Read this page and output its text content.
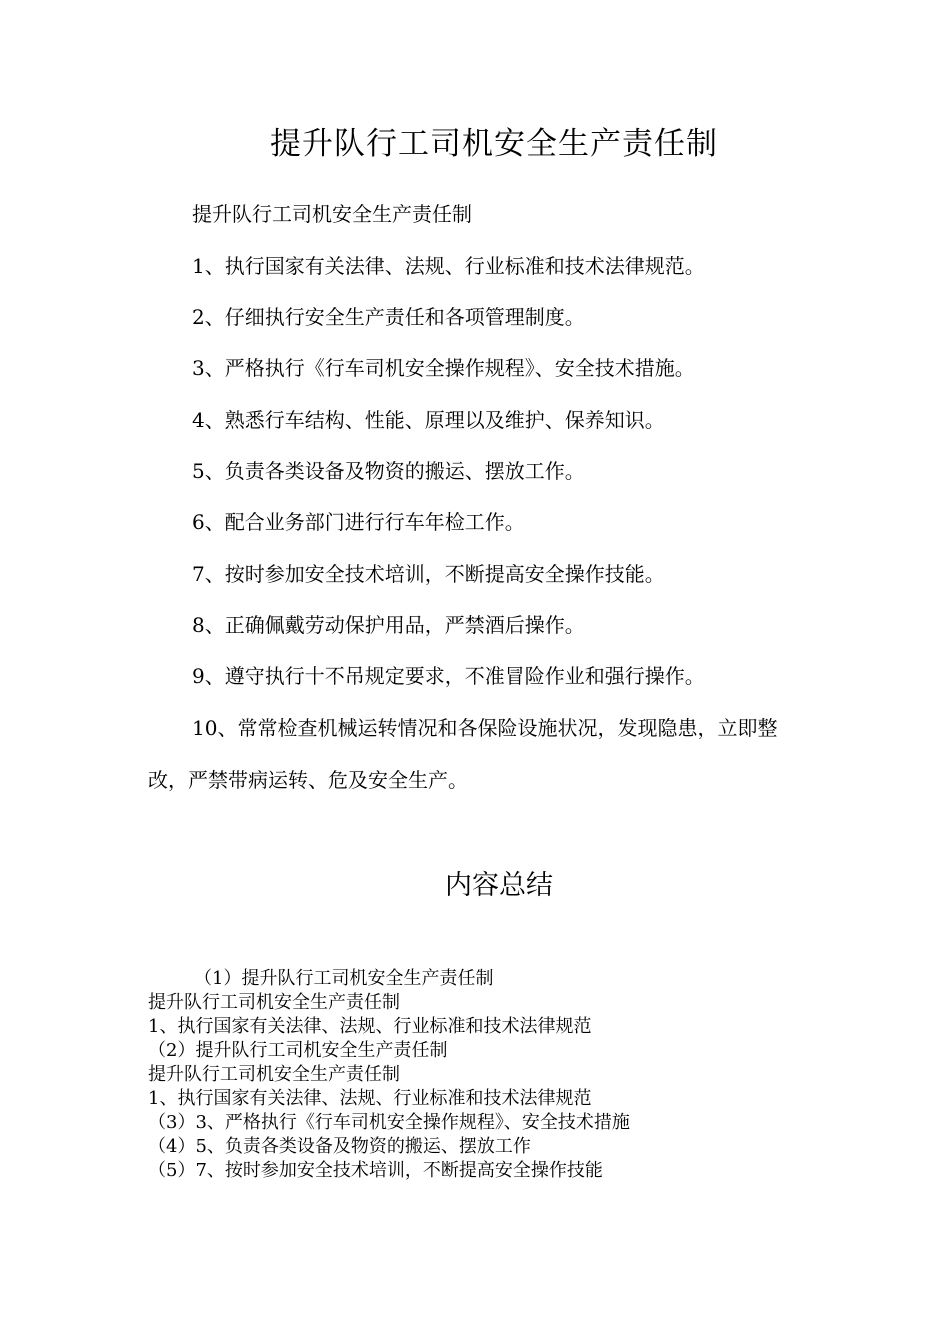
提升队行工司机安全生产责任制
提升队行工司机安全生产责任制
1、执行国家有关法律、法规、行业标准和技术法律规范。
2、仔细执行安全生产责任和各项管理制度。
3、严格执行《行车司机安全操作规程》、安全技术措施。
4、熟悉行车结构、性能、原理以及维护、保养知识。
5、负责各类设备及物资的搬运、摆放工作。
6、配合业务部门进行行车年检工作。
7、按时参加安全技术培训，不断提高安全操作技能。
8、正确佩戴劳动保护用品，严禁酒后操作。
9、遵守执行十不吊规定要求，不准冒险作业和强行操作。
10、常常检查机械运转情况和各保险设施状况，发现隐患，立即整改，严禁带病运转、危及安全生产。
内容总结
（1）提升队行工司机安全生产责任制
提升队行工司机安全生产责任制
1、执行国家有关法律、法规、行业标准和技术法律规范
（2）提升队行工司机安全生产责任制
提升队行工司机安全生产责任制
1、执行国家有关法律、法规、行业标准和技术法律规范
（3）3、严格执行《行车司机安全操作规程》、安全技术措施
（4）5、负责各类设备及物资的搬运、摆放工作
（5）7、按时参加安全技术培训，不断提高安全操作技能
